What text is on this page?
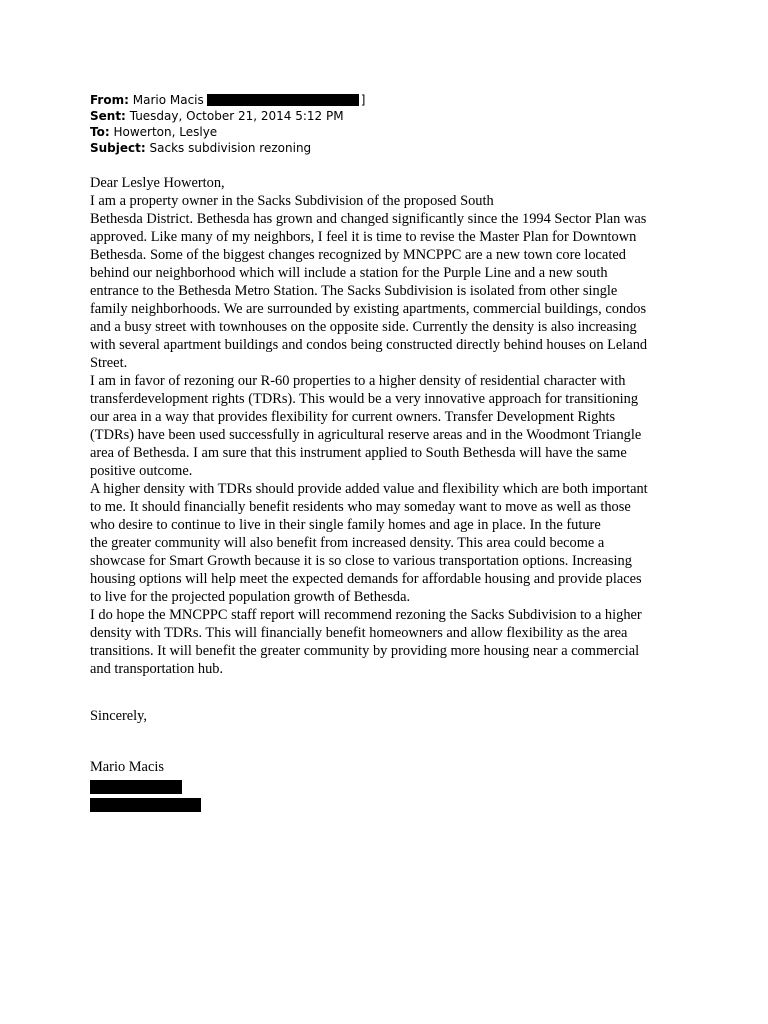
From: Mario Macis	]
Sent: Tuesday, October 21, 2014 5:12 PM
To: Howerton, Leslye
Subject: Sacks subdivision rezoning
Dear Leslye Howerton,
I am a property owner in the Sacks Subdivision of the proposed South
Bethesda District. Bethesda has grown and changed significantly since the 1994 Sector Plan was
approved. Like many of my neighbors, I feel it is time to revise the Master Plan for Downtown
Bethesda. Some of the biggest changes recognized by MNCPPC are a new town core located
behind our neighborhood which will include a station for the Purple Line and a new south
entrance to the Bethesda Metro Station. The Sacks Subdivision is isolated from other single
family neighborhoods. We are surrounded by existing apartments, commercial buildings, condos
and a busy street with townhouses on the opposite side. Currently the density is also increasing
with several apartment buildings and condos being constructed directly behind houses on Leland
Street.
I am in favor of rezoning our R-60 properties to a higher density of residential character with
transferdevelopment rights (TDRs). This would be a very innovative approach for transitioning
our area in a way that provides flexibility for current owners. Transfer Development Rights
(TDRs) have been used successfully in agricultural reserve areas and in the Woodmont Triangle
area of Bethesda. I am sure that this instrument applied to South Bethesda will have the same
positive outcome.
A higher density with TDRs should provide added value and flexibility which are both important
to me. It should financially benefit residents who may someday want to move as well as those
who desire to continue to live in their single family homes and age in place. In the future
the greater community will also benefit from increased density. This area could become a
showcase for Smart Growth because it is so close to various transportation options. Increasing
housing options will help meet the expected demands for affordable housing and provide places
to live for the projected population growth of Bethesda.
I do hope the MNCPPC staff report will recommend rezoning the Sacks Subdivision to a higher
density with TDRs. This will financially benefit homeowners and allow flexibility as the area
transitions. It will benefit the greater community by providing more housing near a commercial
and transportation hub.
Sincerely,
Mario Macis
